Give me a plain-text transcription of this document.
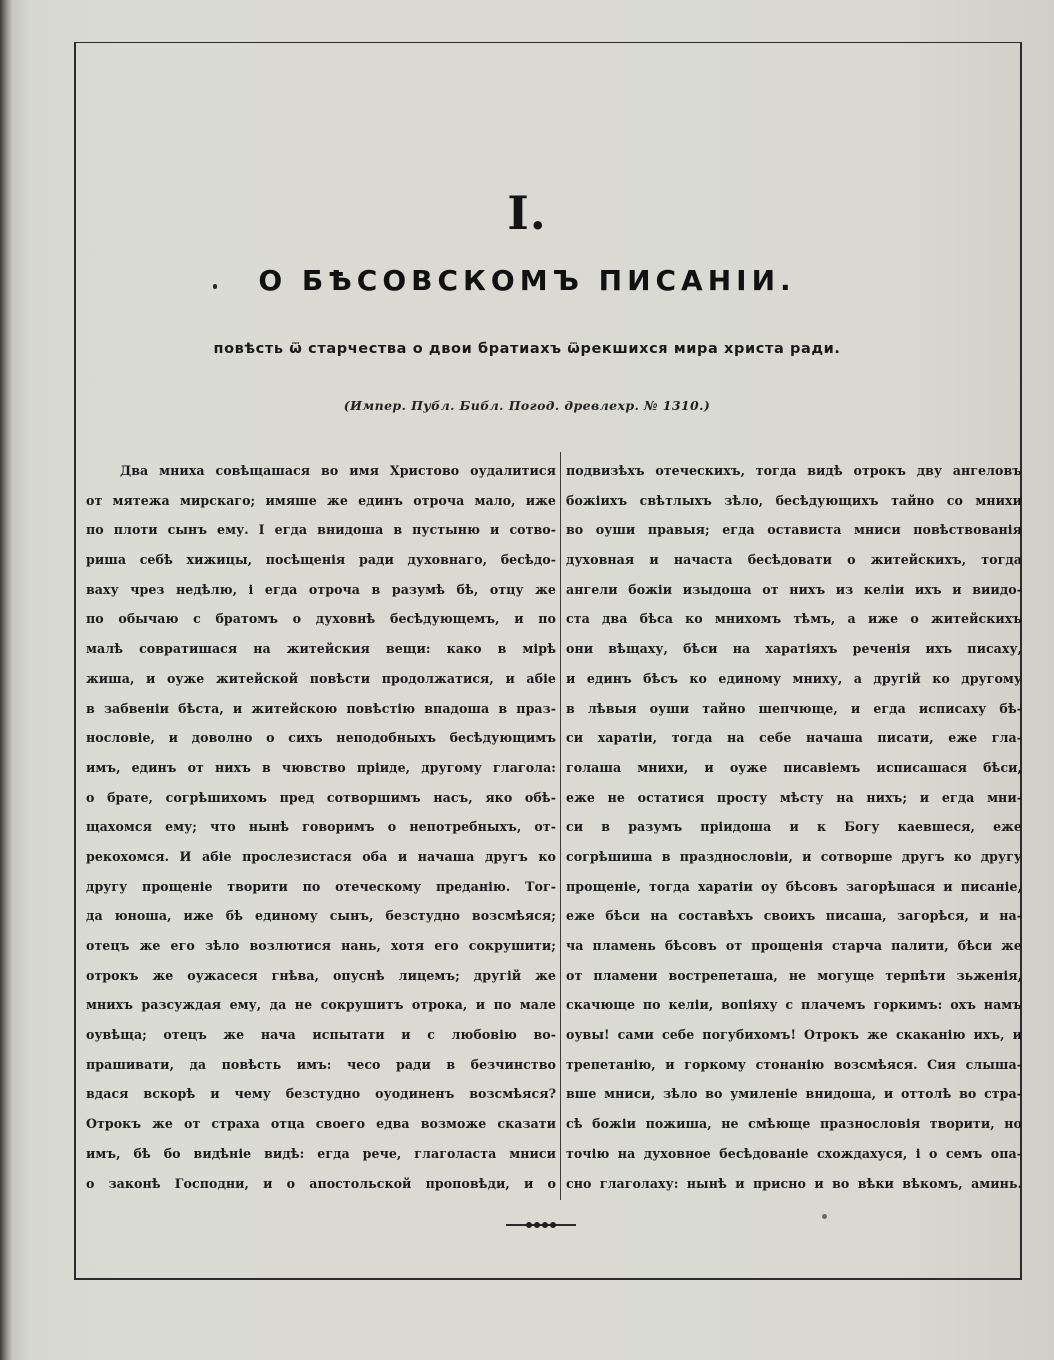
I.
О БѢСОВСКОМЪ ПИСАНІИ.
повѣсть ѿ старчества о двои братиахъ ѿрекшихся мира христа ради.
(Импер. Публ. Библ. Погод. древлехр. № 1310.)
Два мниха совѣщашася во имя Христово оудалитися
от мятежа мирскаго; имяше же единъ отроча мало, иже
по плоти сынъ ему. І егда внидоша в пустыню и сотво-
риша себѣ хижицы, посѣщенія ради духовнаго, бесѣдо-
ваху чрез недѣлю, і егда отроча в разумѣ бѣ, отцу же
по обычаю с братомъ о духовнѣ бесѣдующемъ, и по
малѣ совратишася на житейския вещи: како в мірѣ
жиша, и оуже житейской повѣсти продолжатися, и абіе
в забвеніи бѣста, и житейскою повѣстію впадоша в праз-
нословіе, и доволно о сихъ неподобныхъ бесѣдующимъ
имъ, единъ от нихъ в чювство пріиде, другому глагола:
о брате, согрѣшихомъ пред сотворшимъ насъ, яко обѣ-
щахомся ему; что нынѣ говоримъ о непотребныхъ, от-
рекохомся. И абіе прослезистася оба и начаша другъ ко
другу прощеніе творити по отеческому преданію. Тог-
да юноша, иже бѣ единому сынъ, безстудно возсмѣяся;
отецъ же его зѣло возлютися нань, хотя его сокрушити;
отрокъ же оужасеся гнѣва, опуснѣ лицемъ; другій же
мнихъ разсуждая ему, да не сокрушитъ отрока, и по мале
оувѣща; отецъ же нача испытати и с любовію во-
прашивати, да повѣсть имъ: чесо ради в безчинство
вдася вскорѣ и чему безстудно оуодиненъ возсмѣяся?
Отрокъ же от страха отца своего едва возможе сказати
имъ, бѣ бо видѣніе видѣ: егда рече, глаголаста мниси
о законѣ Господни, и о апостольской проповѣди, и о
подвизѣхъ отеческихъ, тогда видѣ отрокъ дву ангеловъ
божіихъ свѣтлыхъ зѣло, бесѣдующихъ тайно со мнихи
во оуши правыя; егда остависта мниси повѣствованія
духовная и начаста бесѣдовати о житейскихъ, тогда
ангели божіи изыдоша от нихъ из келіи ихъ и виидо-
ста два бѣса ко мнихомъ тѣмъ, а иже о житейскихъ
они вѣщаху, бѣси на харатіяхъ реченія ихъ писаху,
и единъ бѣсъ ко единому мниху, а другій ко другому
в лѣвыя оуши тайно шепчюще, и егда исписаху бѣ-
си харатіи, тогда на себе начаша писати, еже гла-
голаша мнихи, и оуже писавіемъ исписашася бѣси,
еже не остатися просту мѣсту на нихъ; и егда мни-
си в разумъ пріидоша и к Богу каевшеся, еже
согрѣшиша в празднословіи, и сотворше другъ ко другу
прощеніе, тогда харатіи оу бѣсовъ загорѣшася и писаніе,
еже бѣси на составѣхъ своихъ писаша, загорѣся, и на-
ча пламень бѣсовъ от прощенія старча палити, бѣси же
от пламени вострепеташа, не могуще терпѣти зьженія,
скачюще по келіи, вопіяху с плачемъ горкимъ: охъ намъ
оувы! сами себе погубихомъ! Отрокъ же скаканію ихъ, и
трепетанію, и горкому стонанію возсмѣяся. Сия слыша-
вше мниси, зѣло во умиленіе внидоша, и оттолѣ во стра-
сѣ божіи пожиша, не смѣюще празнословія творити, но
точію на духовное бесѣдованіе схождахуся, і о семъ опа-
сно глаголаху: нынѣ и присно и во вѣки вѣкомъ, аминь.
